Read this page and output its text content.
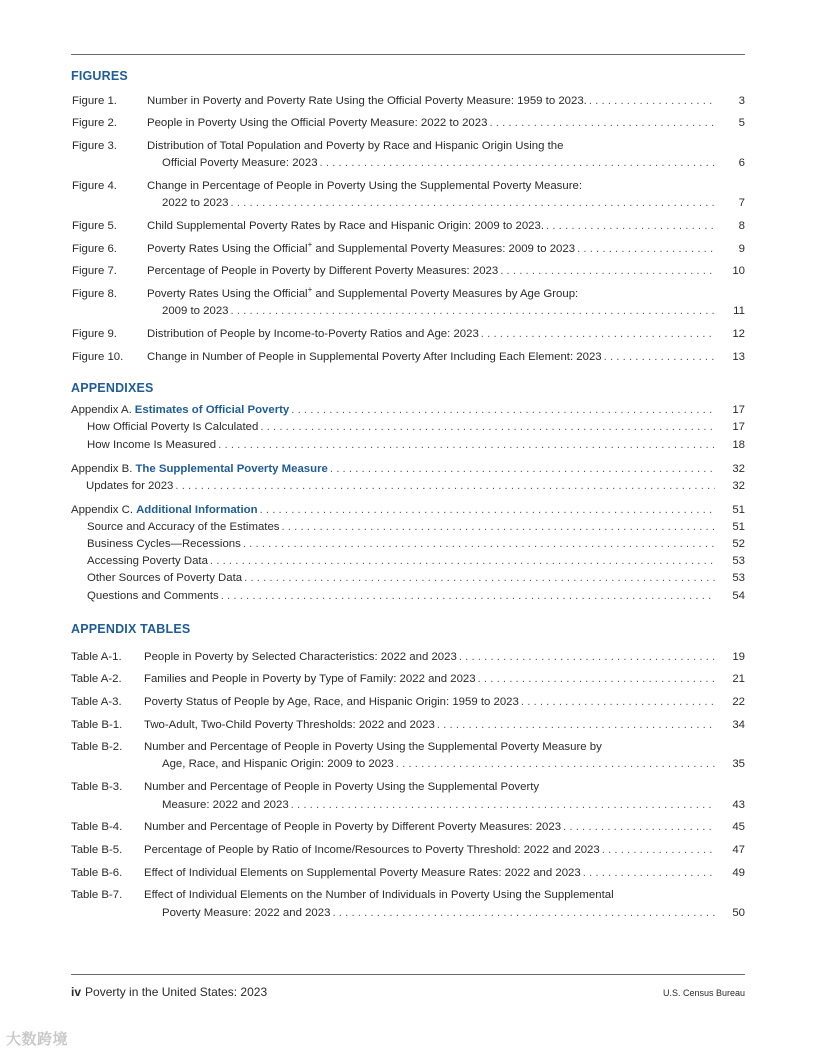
FIGURES
Figure 1.	Number in Poverty and Poverty Rate Using the Official Poverty Measure: 1959 to 2023. . . .	3
Figure 2.	People in Poverty Using the Official Poverty Measure: 2022 to 2023 . . .	5
Figure 3.	Distribution of Total Population and Poverty by Race and Hispanic Origin Using the
Official Poverty Measure: 2023 . . .	6
Figure 4.	Change in Percentage of People in Poverty Using the Supplemental Poverty Measure:
2022 to 2023 . . .	7
Figure 5.	Child Supplemental Poverty Rates by Race and Hispanic Origin: 2009 to 2023. . . .	8
Figure 6.	Poverty Rates Using the Official+ and Supplemental Poverty Measures: 2009 to 2023 . . .	9
Figure 7.	Percentage of People in Poverty by Different Poverty Measures: 2023 . . .	10
Figure 8.	Poverty Rates Using the Official+ and Supplemental Poverty Measures by Age Group:
2009 to 2023 . . .	11
Figure 9.	Distribution of People by Income-to-Poverty Ratios and Age: 2023 . . .	12
Figure 10.	Change in Number of People in Supplemental Poverty After Including Each Element: 2023 . . .	13
APPENDIXES
Appendix A. Estimates of Official Poverty . . .	17
How Official Poverty Is Calculated . . .	17
How Income Is Measured . . .	18
Appendix B. The Supplemental Poverty Measure . . .	32
Updates for 2023 . . .	32
Appendix C. Additional Information . . .	51
Source and Accuracy of the Estimates . . .	51
Business Cycles—Recessions . . .	52
Accessing Poverty Data . . .	53
Other Sources of Poverty Data . . .	53
Questions and Comments . . .	54
APPENDIX TABLES
Table A-1.	People in Poverty by Selected Characteristics: 2022 and 2023 . . .	19
Table A-2.	Families and People in Poverty by Type of Family: 2022 and 2023 . . .	21
Table A-3.	Poverty Status of People by Age, Race, and Hispanic Origin: 1959 to 2023 . . .	22
Table B-1.	Two-Adult, Two-Child Poverty Thresholds: 2022 and 2023 . . .	34
Table B-2.	Number and Percentage of People in Poverty Using the Supplemental Poverty Measure by
Age, Race, and Hispanic Origin: 2009 to 2023 . . .	35
Table B-3.	Number and Percentage of People in Poverty Using the Supplemental Poverty
Measure: 2022 and 2023 . . .	43
Table B-4.	Number and Percentage of People in Poverty by Different Poverty Measures: 2023 . . .	45
Table B-5.	Percentage of People by Ratio of Income/Resources to Poverty Threshold: 2022 and 2023 . . .	47
Table B-6.	Effect of Individual Elements on Supplemental Poverty Measure Rates: 2022 and 2023 . . .	49
Table B-7.	Effect of Individual Elements on the Number of Individuals in Poverty Using the Supplemental
Poverty Measure: 2022 and 2023 . . .	50
iv Poverty in the United States: 2023	U.S. Census Bureau
大数跨境
